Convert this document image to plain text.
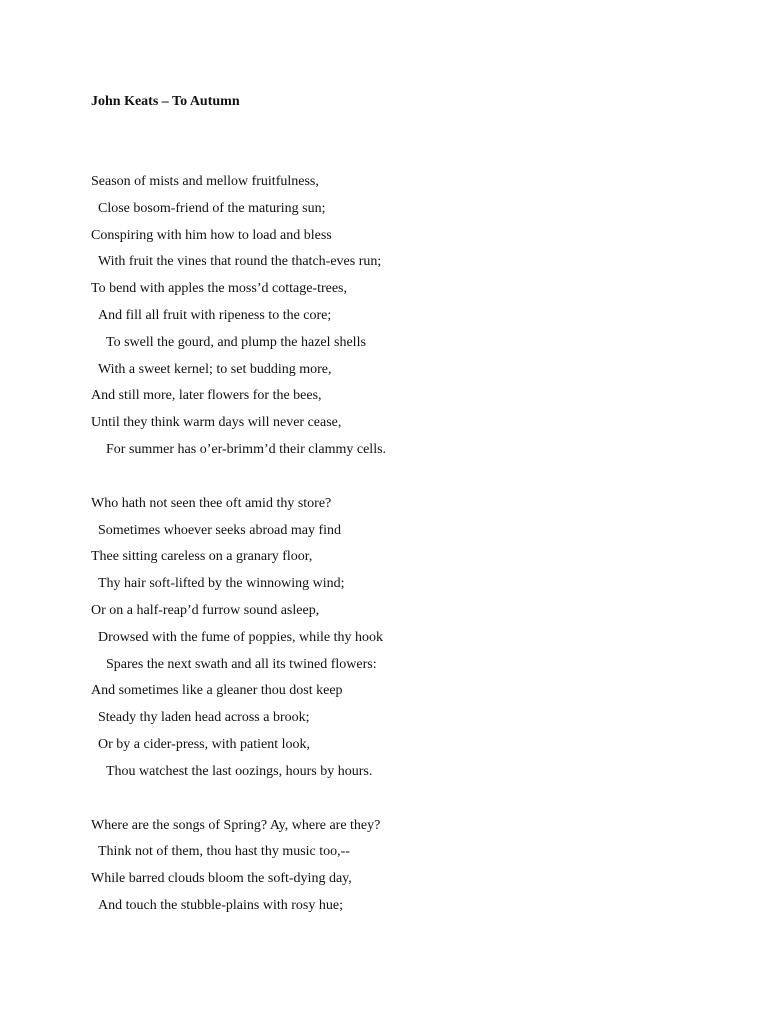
John Keats – To Autumn
Season of mists and mellow fruitfulness,
Close bosom-friend of the maturing sun;
Conspiring with him how to load and bless
With fruit the vines that round the thatch-eves run;
To bend with apples the moss’d cottage-trees,
And fill all fruit with ripeness to the core;
To swell the gourd, and plump the hazel shells
With a sweet kernel; to set budding more,
And still more, later flowers for the bees,
Until they think warm days will never cease,
For summer has o’er-brimm’d their clammy cells.
Who hath not seen thee oft amid thy store?
Sometimes whoever seeks abroad may find
Thee sitting careless on a granary floor,
Thy hair soft-lifted by the winnowing wind;
Or on a half-reap’d furrow sound asleep,
Drowsed with the fume of poppies, while thy hook
Spares the next swath and all its twined flowers:
And sometimes like a gleaner thou dost keep
Steady thy laden head across a brook;
Or by a cider-press, with patient look,
Thou watchest the last oozings, hours by hours.
Where are the songs of Spring? Ay, where are they?
Think not of them, thou hast thy music too,--
While barred clouds bloom the soft-dying day,
And touch the stubble-plains with rosy hue;
